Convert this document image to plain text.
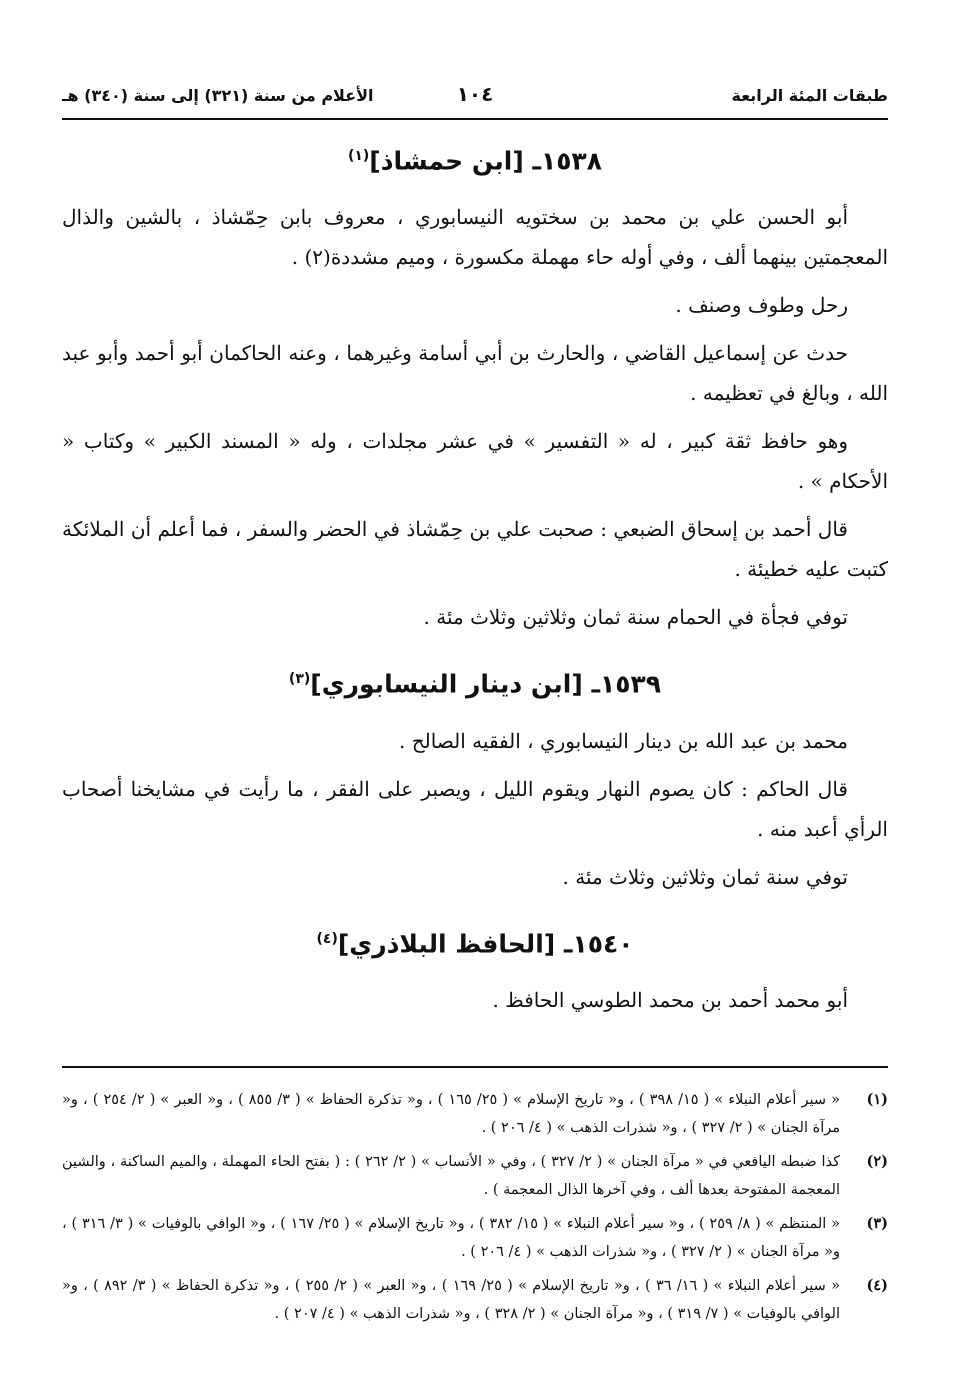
طبقات المئة الرابعة
١٠٤
الأعلام من سنة (٣٢١) إلى سنة (٣٤٠) هـ
١٥٣٨ـ [ابن حمشاذ]$^{(١)}$

أبو الحسن علي بن محمد بن سختويه النيسابوري ، معروف بابن حِمّشاذ ، بالشين والذال المعجمتين بينهما ألف ، وفي أوله حاء مهملة مكسورة ، وميم مشددة(٢) .

رحل وطوف وصنف .

حدث عن إسماعيل القاضي ، والحارث بن أبي أسامة وغيرهما ، وعنه الحاكمان أبو أحمد وأبو عبد الله ، وبالغ في تعظيمه .

وهو حافظ ثقة كبير ، له « التفسير » في عشر مجلدات ، وله « المسند الكبير » وكتاب « الأحكام » .

قال أحمد بن إسحاق الضبعي : صحبت علي بن حِمّشاذ في الحضر والسفر ، فما أعلم أن الملائكة كتبت عليه خطيئة .

توفي فجأة في الحمام سنة ثمان وثلاثين وثلاث مئة .

١٥٣٩ـ [ابن دينار النيسابوري]$^{(٣)}$

محمد بن عبد الله بن دينار النيسابوري ، الفقيه الصالح .

قال الحاكم : كان يصوم النهار ويقوم الليل ، ويصبر على الفقر ، ما رأيت في مشايخنا أصحاب الرأي أعبد منه .

توفي سنة ثمان وثلاثين وثلاث مئة .

١٥٤٠ـ [الحافظ البلاذري]$^{(٤)}$

أبو محمد أحمد بن محمد الطوسي الحافظ .

(١)
« سير أعلام النبلاء » ( ١٥/ ٣٩٨ ) ، و« تاريخ الإسلام » ( ٢٥/ ١٦٥ ) ، و« تذكرة الحفاظ » ( ٣/ ٨٥٥ ) ، و« العبر » ( ٢/ ٢٥٤ ) ، و« مرآة الجنان » ( ٢/ ٣٢٧ ) ، و« شذرات الذهب » ( ٤/ ٢٠٦ ) .
(٢)
كذا ضبطه اليافعي في « مرآة الجنان » ( ٢/ ٣٢٧ ) ، وفي « الأنساب » ( ٢/ ٢٦٢ ) : ( بفتح الحاء المهملة ، والميم الساكنة ، والشين المعجمة المفتوحة بعدها ألف ، وفي آخرها الذال المعجمة ) .
(٣)
« المنتظم » ( ٨/ ٢٥٩ ) ، و« سير أعلام النبلاء » ( ١٥/ ٣٨٢ ) ، و« تاريخ الإسلام » ( ٢٥/ ١٦٧ ) ، و« الوافي بالوفيات » ( ٣/ ٣١٦ ) ، و« مرآة الجنان » ( ٢/ ٣٢٧ ) ، و« شذرات الذهب » ( ٤/ ٢٠٦ ) .
(٤)
« سير أعلام النبلاء » ( ١٦/ ٣٦ ) ، و« تاريخ الإسلام » ( ٢٥/ ١٦٩ ) ، و« العبر » ( ٢/ ٢٥٥ ) ، و« تذكرة الحفاظ » ( ٣/ ٨٩٢ ) ، و« الوافي بالوفيات » ( ٧/ ٣١٩ ) ، و« مرآة الجنان » ( ٢/ ٣٢٨ ) ، و« شذرات الذهب » ( ٤/ ٢٠٧ ) .
